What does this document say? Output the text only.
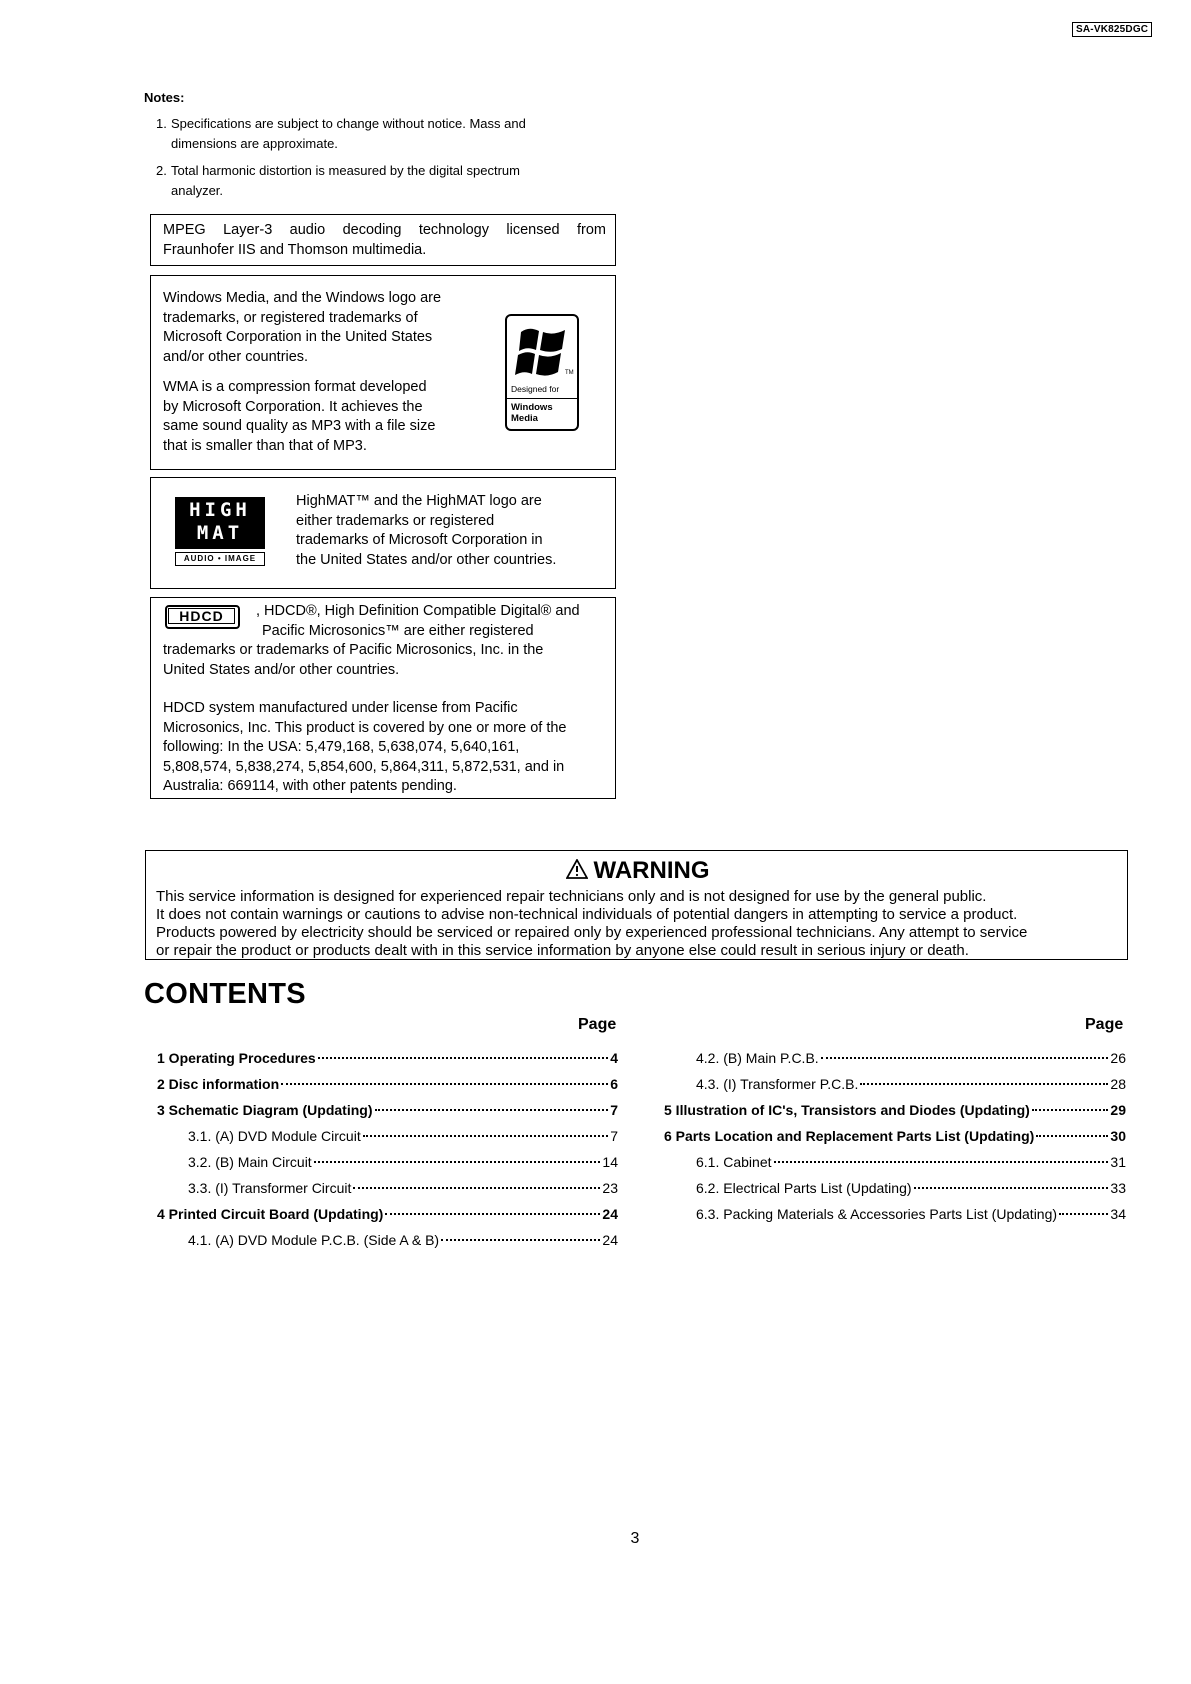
SA-VK825DGC
Notes:
1. Specifications are subject to change without notice. Mass and
dimensions are approximate.
2. Total harmonic distortion is measured by the digital spectrum
analyzer.
MPEG Layer-3 audio decoding technology licensed from
Fraunhofer IIS and Thomson multimedia.
Windows Media, and the Windows logo are
trademarks, or registered trademarks of
Microsoft Corporation in the United States
and/or other countries.
WMA is a compression format developed
by Microsoft Corporation. It achieves the
same sound quality as MP3 with a file size
that is smaller than that of MP3.
TM
Designed for
Windows
Media
HighMAT™ and the HighMAT logo are
either trademarks or registered
trademarks of Microsoft Corporation in
the United States and/or other countries.
HIGH
MAT
AUDIO • IMAGE
, HDCD®, High Definition Compatible Digital® and
Pacific Microsonics™ are either registered
trademarks or trademarks of Pacific Microsonics, Inc. in the
United States and/or other countries.
HDCD system manufactured under license from Pacific
Microsonics, Inc. This product is covered by one or more of the
following: In the USA: 5,479,168, 5,638,074, 5,640,161,
5,808,574, 5,838,274, 5,854,600, 5,864,311, 5,872,531, and in
Australia: 669114, with other patents pending.
HDCD
WARNING
This service information is designed for experienced repair technicians only and is not designed for use by the general public.
It does not contain warnings or cautions to advise non-technical individuals of potential dangers in attempting to service a product.
Products powered by electricity should be serviced or repaired only by experienced professional technicians. Any attempt to service
or repair the product or products dealt with in this service information by anyone else could result in serious injury or death.
CONTENTS
Page	Page
1 Operating Procedures	4
2 Disc information	6
3 Schematic Diagram (Updating)	7
3.1. (A) DVD Module Circuit	7
3.2. (B) Main Circuit	14
3.3. (I) Transformer Circuit	23
4 Printed Circuit Board (Updating)	24
4.1. (A) DVD Module P.C.B. (Side A & B)	24
4.2. (B) Main P.C.B.	26
4.3. (I) Transformer P.C.B.	28
5 Illustration of IC's, Transistors and Diodes (Updating)	29
6 Parts Location and Replacement Parts List (Updating)	30
6.1. Cabinet	31
6.2. Electrical Parts List (Updating)	33
6.3. Packing Materials & Accessories Parts List (Updating)	34
3
